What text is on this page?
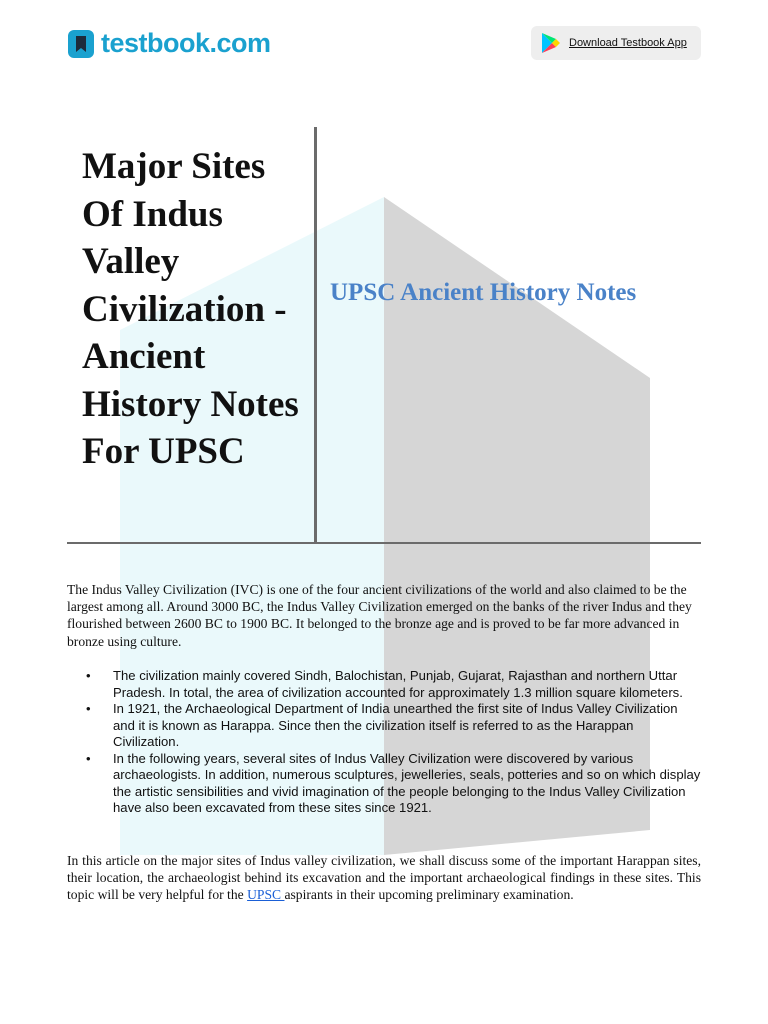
testbook.com	Download Testbook App
Major Sites Of Indus Valley Civilization - Ancient History Notes For UPSC
UPSC Ancient History Notes

The Indus Valley Civilization (IVC) is one of the four ancient civilizations of the world and also claimed to be the largest among all. Around 3000 BC, the Indus Valley Civilization emerged on the banks of the river Indus and they flourished between 2600 BC to 1900 BC. It belonged to the bronze age and is proved to be far more advanced in bronze using culture.

• The civilization mainly covered Sindh, Balochistan, Punjab, Gujarat, Rajasthan and northern Uttar Pradesh. In total, the area of civilization accounted for approximately 1.3 million square kilometers.
• In 1921, the Archaeological Department of India unearthed the first site of Indus Valley Civilization and it is known as Harappa. Since then the civilization itself is referred to as the Harappan Civilization.
• In the following years, several sites of Indus Valley Civilization were discovered by various archaeologists. In addition, numerous sculptures, jewelleries, seals, potteries and so on which display the artistic sensibilities and vivid imagination of the people belonging to the Indus Valley Civilization have also been excavated from these sites since 1921.

In this article on the major sites of Indus valley civilization, we shall discuss some of the important Harappan sites, their location, the archaeologist behind its excavation and the important archaeological findings in these sites. This topic will be very helpful for the UPSC aspirants in their upcoming preliminary examination.
